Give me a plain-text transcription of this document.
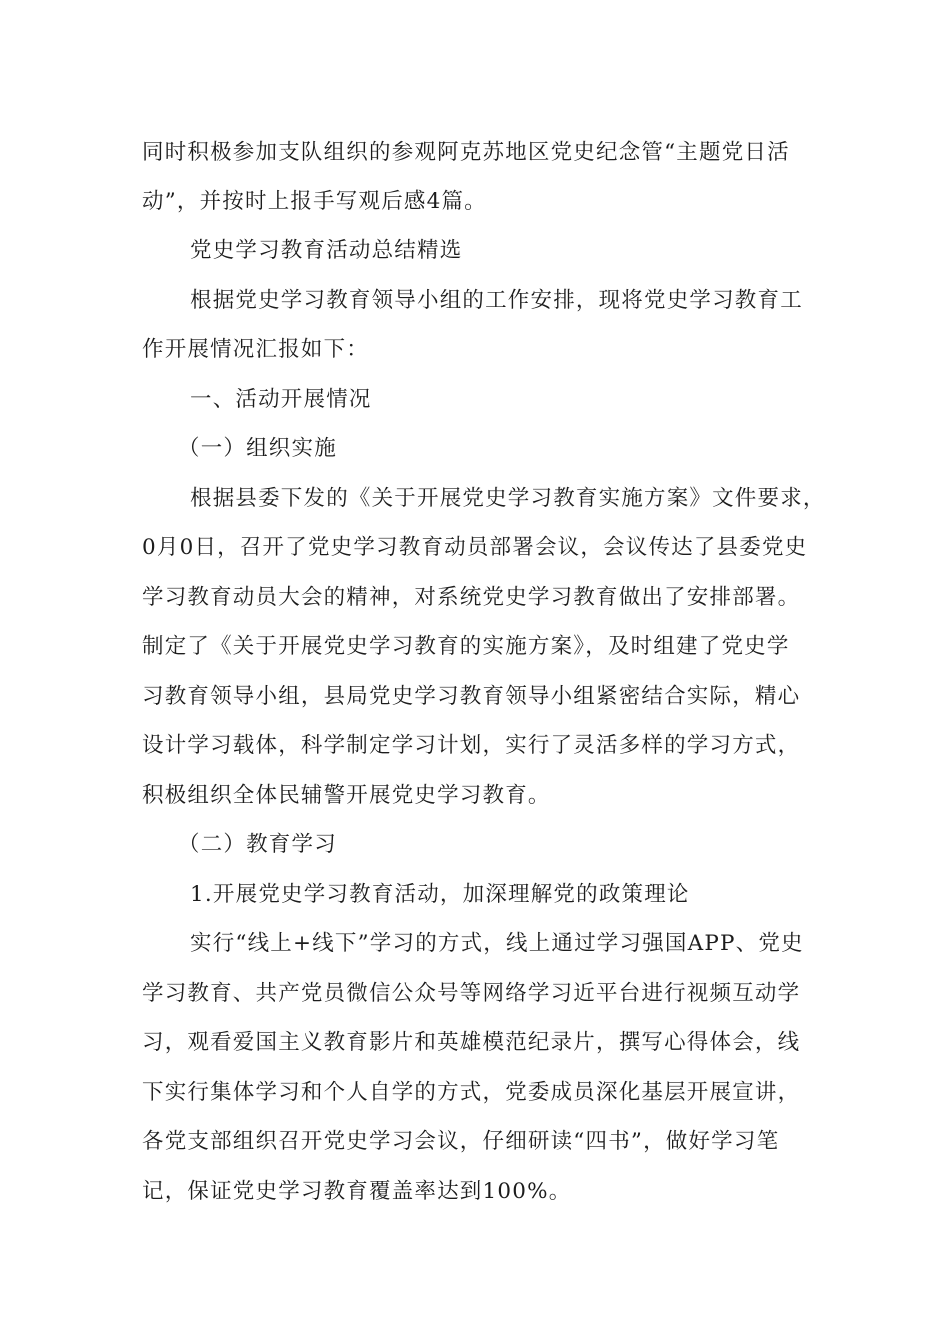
同时积极参加支队组织的参观阿克苏地区党史纪念管“主题党日活

动”，并按时上报手写观后感4篇。

党史学习教育活动总结精选

根据党史学习教育领导小组的工作安排，现将党史学习教育工

作开展情况汇报如下：

一、活动开展情况

（一）组织实施

根据县委下发的《关于开展党史学习教育实施方案》文件要求，

0月0日，召开了党史学习教育动员部署会议，会议传达了县委党史

学习教育动员大会的精神，对系统党史学习教育做出了安排部署。

制定了《关于开展党史学习教育的实施方案》，及时组建了党史学

习教育领导小组，县局党史学习教育领导小组紧密结合实际，精心

设计学习载体，科学制定学习计划，实行了灵活多样的学习方式，

积极组织全体民辅警开展党史学习教育。

（二）教育学习

1.开展党史学习教育活动，加深理解党的政策理论

实行“线上+线下”学习的方式，线上通过学习强国APP、党史

学习教育、共产党员微信公众号等网络学习近平台进行视频互动学

习，观看爱国主义教育影片和英雄模范纪录片，撰写心得体会，线

下实行集体学习和个人自学的方式，党委成员深化基层开展宣讲，

各党支部组织召开党史学习会议，仔细研读“四书”，做好学习笔

记，保证党史学习教育覆盖率达到100%。
